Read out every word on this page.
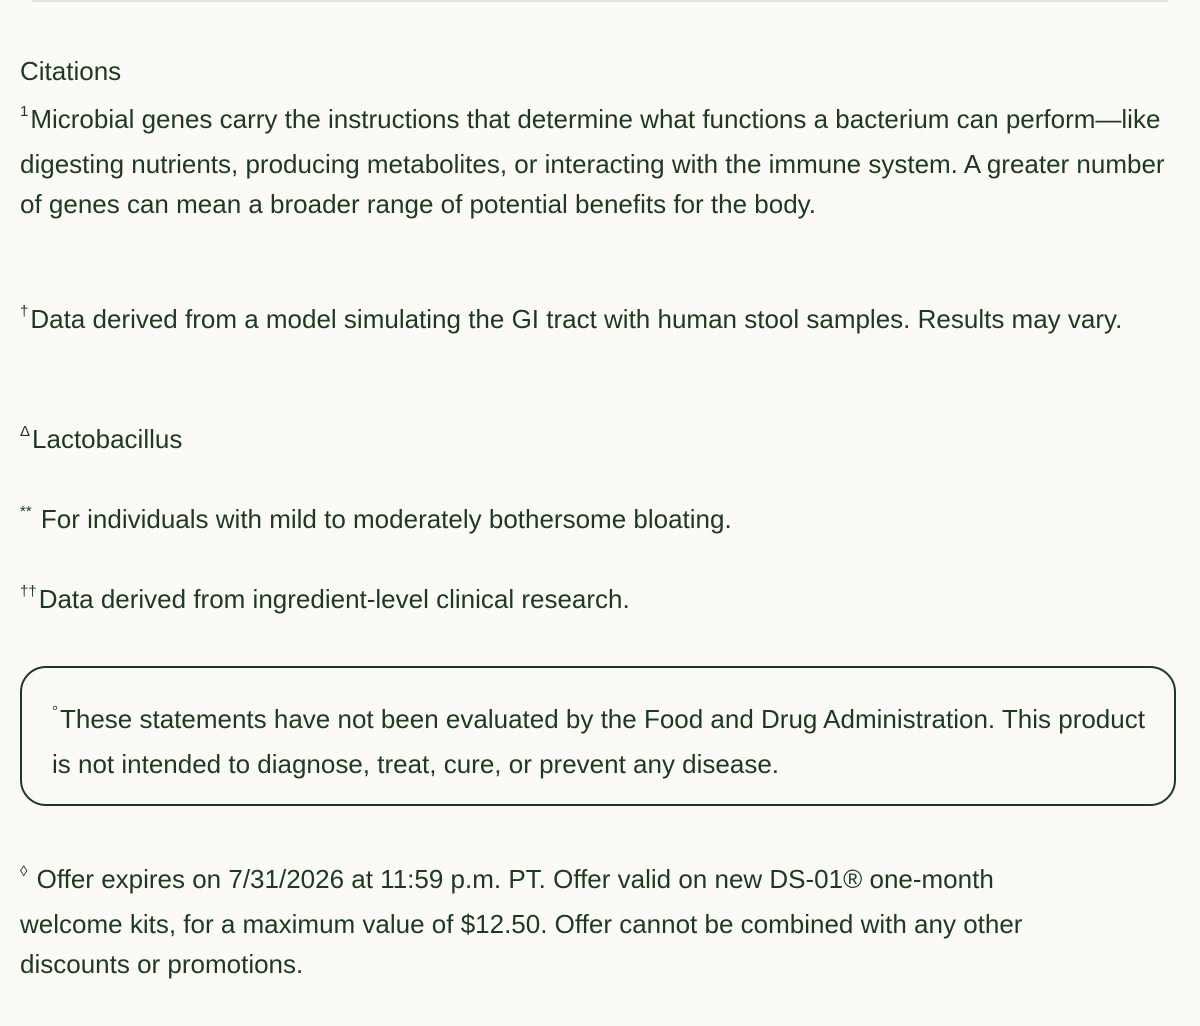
Citations

$^1$Microbial genes carry the instructions that determine what functions a bacterium can perform—like digesting nutrients, producing metabolites, or interacting with the immune system. A greater number of genes can mean a broader range of potential benefits for the body.

†Data derived from a model simulating the GI tract with human stool samples. Results may vary.

$^\Delta$Lactobacillus

** For individuals with mild to moderately bothersome bloating.

††Data derived from ingredient-level clinical research.

°These statements have not been evaluated by the Food and Drug Administration. This product is not intended to diagnose, treat, cure, or prevent any disease.

◊ Offer expires on 7/31/2026 at 11:59 p.m. PT. Offer valid on new DS-01® one-month welcome kits, for a maximum value of $12.50. Offer cannot be combined with any other discounts or promotions.
